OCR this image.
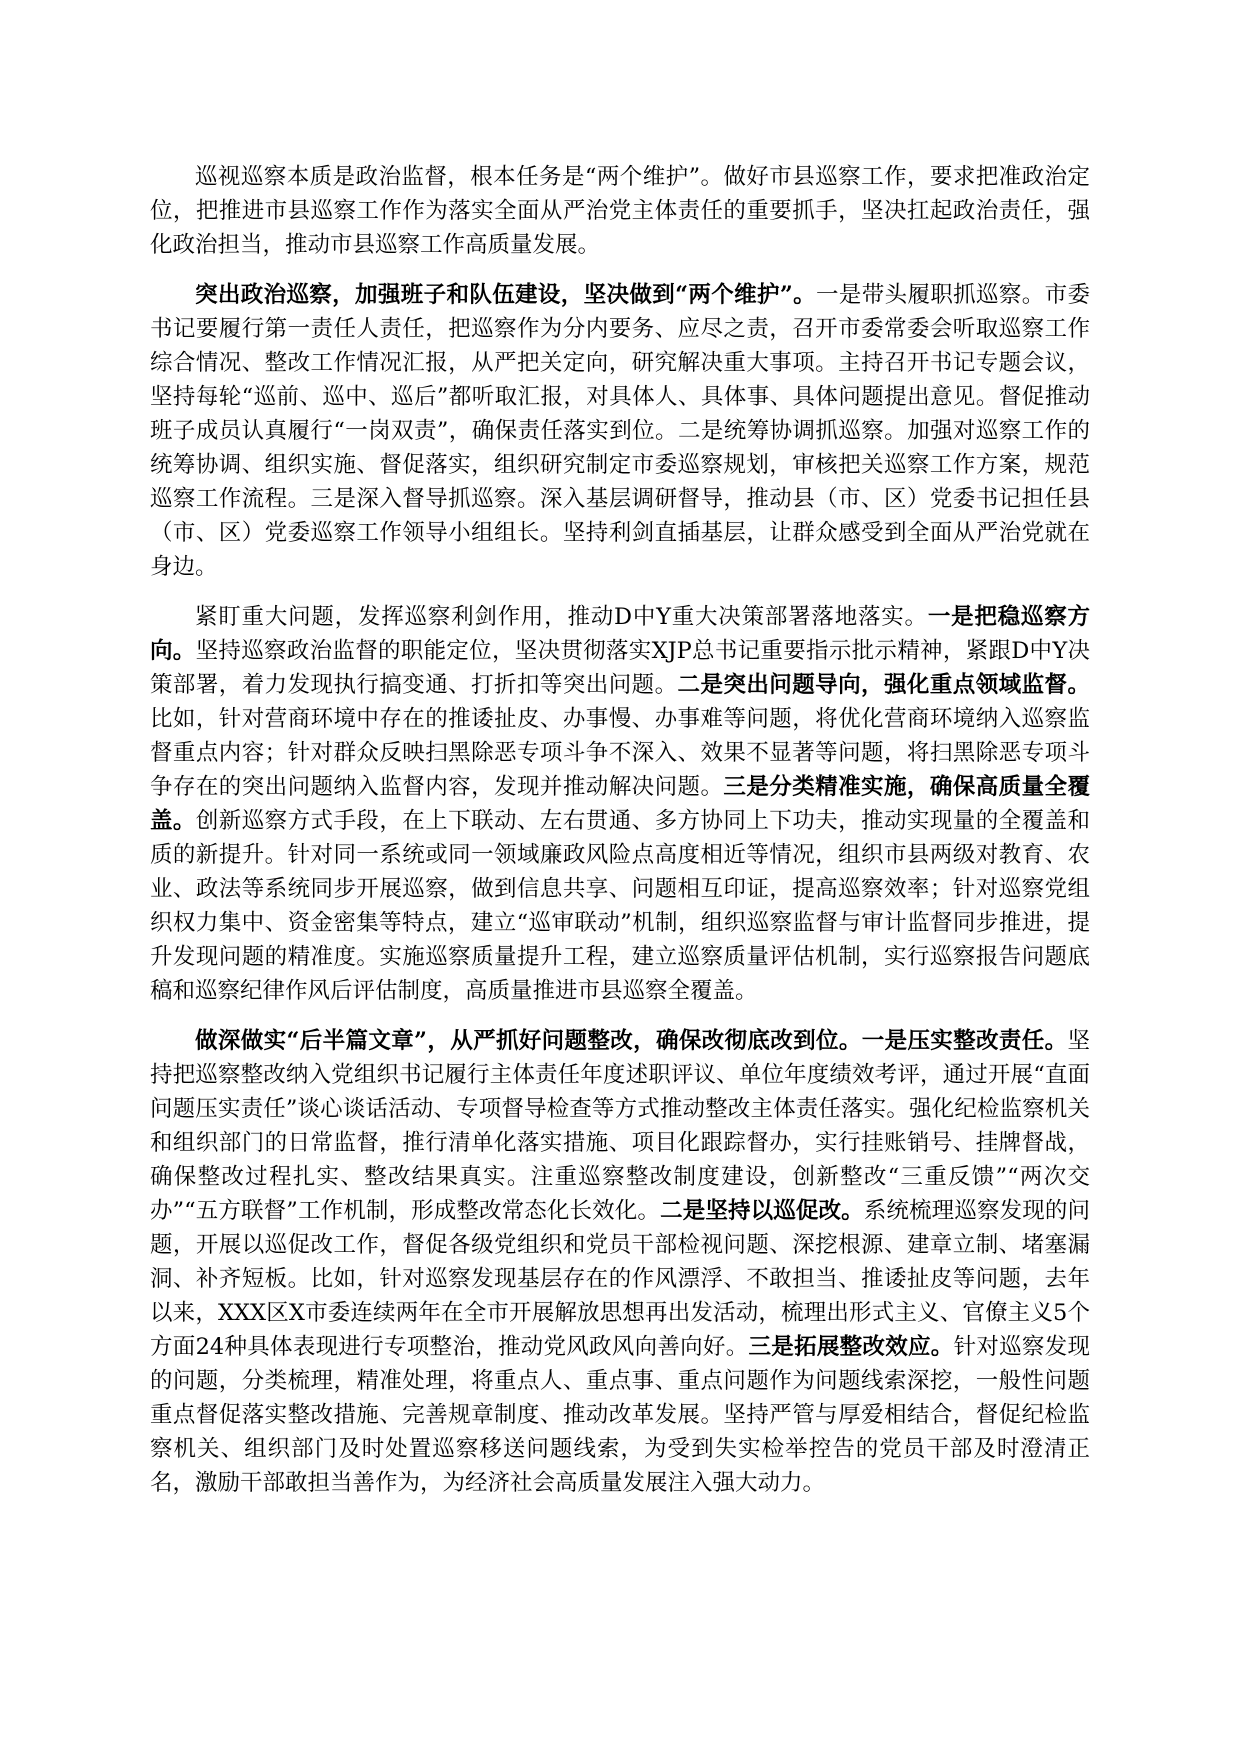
巡视巡察本质是政治监督，根本任务是“两个维护”。做好市县巡察工作，要求把准政治定位，把推进市县巡察工作作为落实全面从严治党主体责任的重要抓手，坚决扛起政治责任，强化政治担当，推动市县巡察工作高质量发展。

突出政治巡察，加强班子和队伍建设，坚决做到“两个维护”。一是带头履职抓巡察。市委书记要履行第一责任人责任，把巡察作为分内要务、应尽之责，召开市委常委会听取巡察工作综合情况、整改工作情况汇报，从严把关定向，研究解决重大事项。主持召开书记专题会议，坚持每轮“巡前、巡中、巡后”都听取汇报，对具体人、具体事、具体问题提出意见。督促推动班子成员认真履行“一岗双责”，确保责任落实到位。二是统筹协调抓巡察。加强对巡察工作的统筹协调、组织实施、督促落实，组织研究制定市委巡察规划，审核把关巡察工作方案，规范巡察工作流程。三是深入督导抓巡察。深入基层调研督导，推动县（市、区）党委书记担任县（市、区）党委巡察工作领导小组组长。坚持利剑直插基层，让群众感受到全面从严治党就在身边。

紧盯重大问题，发挥巡察利剑作用，推动D中Y重大决策部署落地落实。一是把稳巡察方向。坚持巡察政治监督的职能定位，坚决贯彻落实XJP总书记重要指示批示精神，紧跟D中Y决策部署，着力发现执行搞变通、打折扣等突出问题。二是突出问题导向，强化重点领域监督。比如，针对营商环境中存在的推诿扯皮、办事慢、办事难等问题，将优化营商环境纳入巡察监督重点内容；针对群众反映扫黑除恶专项斗争不深入、效果不显著等问题，将扫黑除恶专项斗争存在的突出问题纳入监督内容，发现并推动解决问题。三是分类精准实施，确保高质量全覆盖。创新巡察方式手段，在上下联动、左右贯通、多方协同上下功夫，推动实现量的全覆盖和质的新提升。针对同一系统或同一领域廉政风险点高度相近等情况，组织市县两级对教育、农业、政法等系统同步开展巡察，做到信息共享、问题相互印证，提高巡察效率；针对巡察党组织权力集中、资金密集等特点，建立“巡审联动”机制，组织巡察监督与审计监督同步推进，提升发现问题的精准度。实施巡察质量提升工程，建立巡察质量评估机制，实行巡察报告问题底稿和巡察纪律作风后评估制度，高质量推进市县巡察全覆盖。

做深做实“后半篇文章”，从严抓好问题整改，确保改彻底改到位。一是压实整改责任。坚持把巡察整改纳入党组织书记履行主体责任年度述职评议、单位年度绩效考评，通过开展“直面问题压实责任”谈心谈话活动、专项督导检查等方式推动整改主体责任落实。强化纪检监察机关和组织部门的日常监督，推行清单化落实措施、项目化跟踪督办，实行挂账销号、挂牌督战，确保整改过程扎实、整改结果真实。注重巡察整改制度建设，创新整改“三重反馈”“两次交办”“五方联督”工作机制，形成整改常态化长效化。二是坚持以巡促改。系统梳理巡察发现的问题，开展以巡促改工作，督促各级党组织和党员干部检视问题、深挖根源、建章立制、堵塞漏洞、补齐短板。比如，针对巡察发现基层存在的作风漂浮、不敢担当、推诿扯皮等问题，去年以来，XXX区X市委连续两年在全市开展解放思想再出发活动，梳理出形式主义、官僚主义5个方面24种具体表现进行专项整治，推动党风政风向善向好。三是拓展整改效应。针对巡察发现的问题，分类梳理，精准处理，将重点人、重点事、重点问题作为问题线索深挖，一般性问题重点督促落实整改措施、完善规章制度、推动改革发展。坚持严管与厚爱相结合，督促纪检监察机关、组织部门及时处置巡察移送问题线索，为受到失实检举控告的党员干部及时澄清正名，激励干部敢担当善作为，为经济社会高质量发展注入强大动力。
